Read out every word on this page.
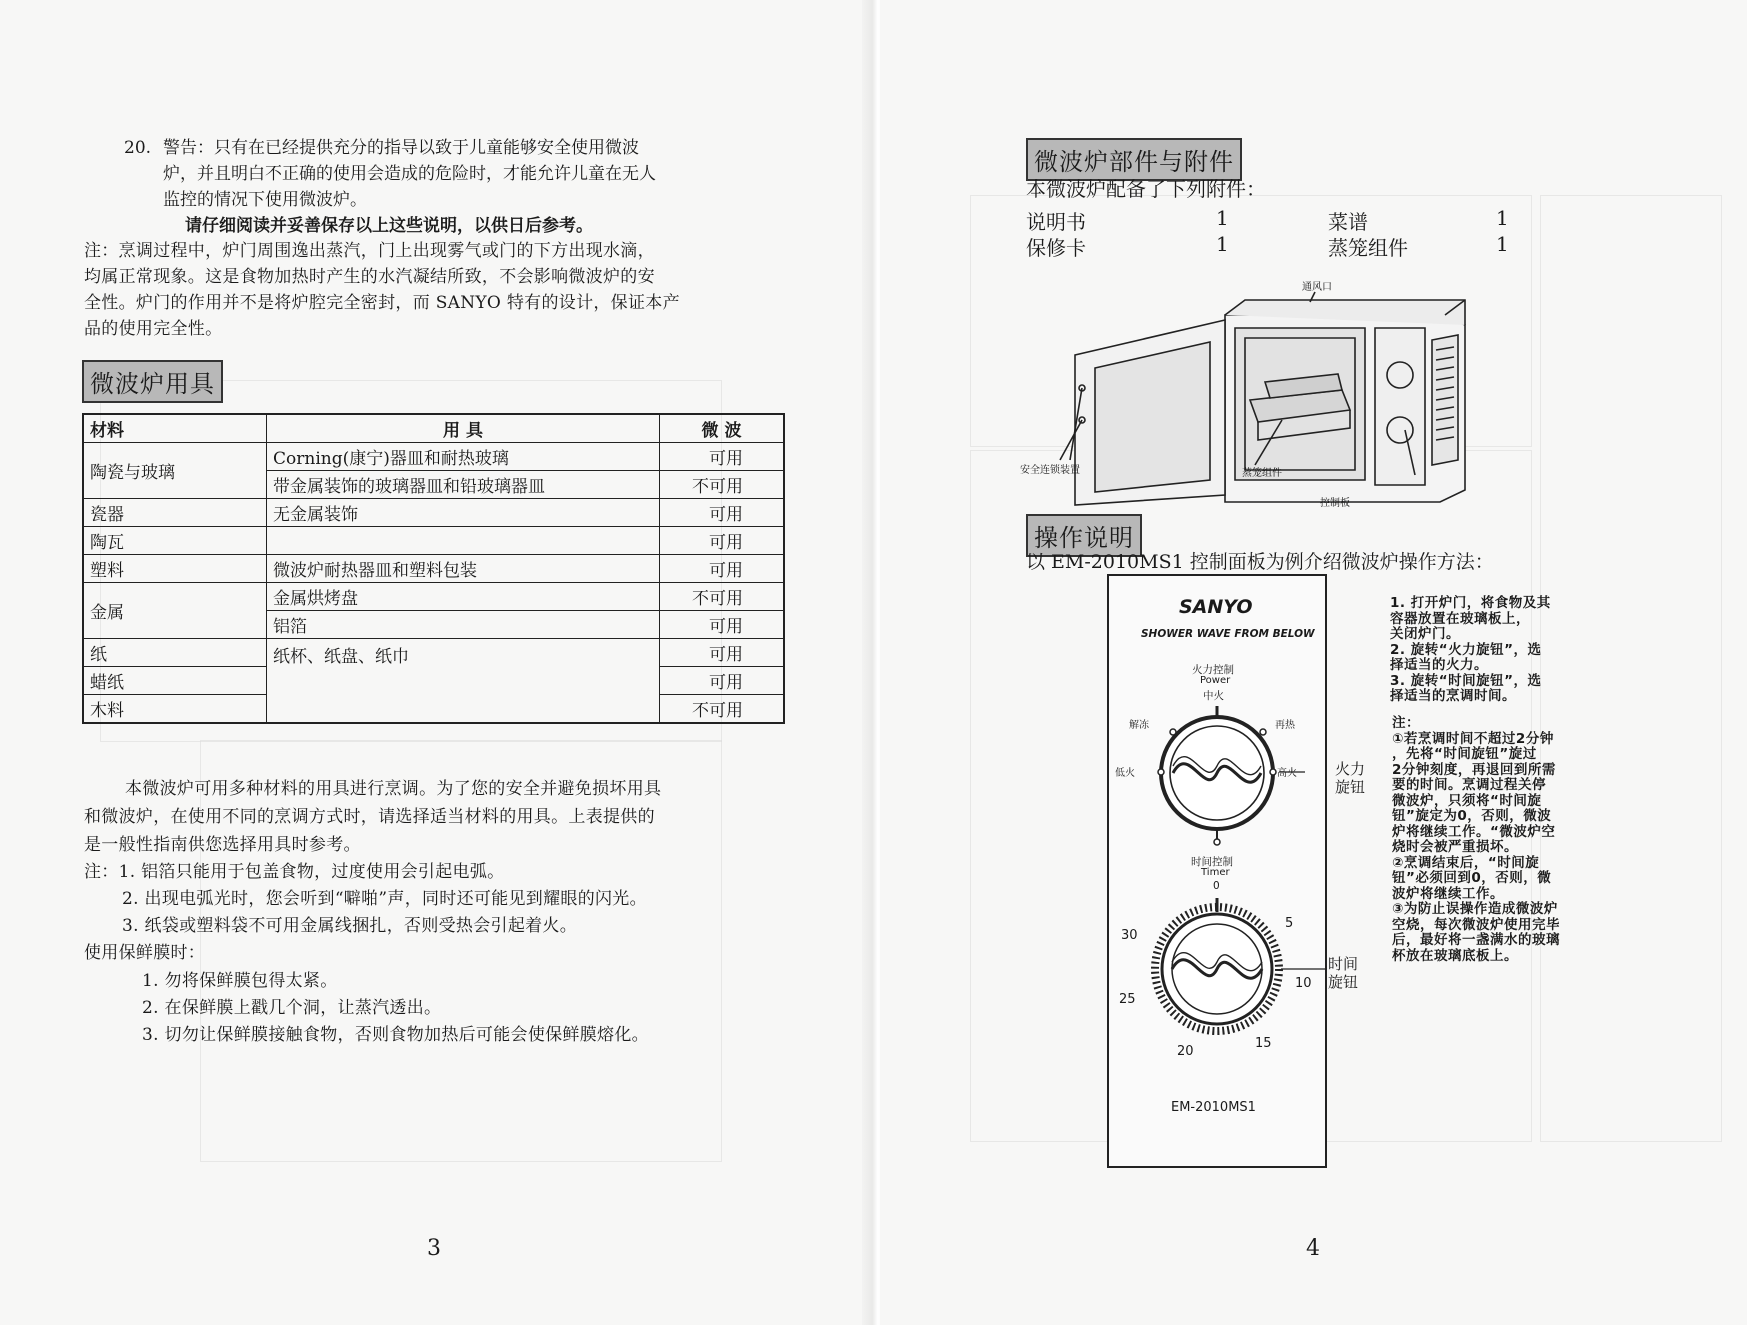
20. 警告：只有在已经提供充分的指导以致于儿童能够安全使用微波
炉，并且明白不正确的使用会造成的危险时，才能允许儿童在无人
监控的情况下使用微波炉。
请仔细阅读并妥善保存以上这些说明，以供日后参考。
注：烹调过程中，炉门周围逸出蒸汽，门上出现雾气或门的下方出现水滴，
均属正常现象。这是食物加热时产生的水汽凝结所致，不会影响微波炉的安
全性。炉门的作用并不是将炉腔完全密封，而 SANYO 特有的设计，保证本产
品的使用完全性。
微波炉用具
材料	用 具	微 波
陶瓷与玻璃	Corning(康宁)器皿和耐热玻璃	可用
	带金属装饰的玻璃器皿和铅玻璃器皿	不可用
瓷器	无金属装饰	可用
陶瓦		可用
塑料	微波炉耐热器皿和塑料包装	可用
金属	金属烘烤盘	不可用
	铝箔	可用
纸	纸杯、纸盘、纸巾	可用
蜡纸		可用
木料		不可用
本微波炉可用多种材料的用具进行烹调。为了您的安全并避免损坏用具
和微波炉，在使用不同的烹调方式时，请选择适当材料的用具。上表提供的
是一般性指南供您选择用具时参考。
注：1. 铝箔只能用于包盖食物，过度使用会引起电弧。
2. 出现电弧光时，您会听到“噼啪”声，同时还可能见到耀眼的闪光。
3. 纸袋或塑料袋不可用金属线捆扎，否则受热会引起着火。
使用保鲜膜时：
1. 勿将保鲜膜包得太紧。
2. 在保鲜膜上戳几个洞，让蒸汽透出。
3. 切勿让保鲜膜接触食物，否则食物加热后可能会使保鲜膜熔化。
3
微波炉部件与附件
本微波炉配备了下列附件：
说明书	1	菜谱	1
保修卡	1	蒸笼组件	1
通风口
蒸笼组件
安全连锁装置
控制板
操作说明
以 EM-2010MS1 控制面板为例介绍微波炉操作方法：
SANYO
SHOWER WAVE FROM BELOW
火力控制
Power
中火
解冻	再热
低火	高火
时间控制
Timer
0
5
10
15
20
25
30
EM-2010MS1
火力
旋钮
时间
旋钮
1. 打开炉门，将食物及其
容器放置在玻璃板上，
关闭炉门。
2. 旋转“火力旋钮”，选
择适当的火力。
3. 旋转“时间旋钮”，选
择适当的烹调时间。
注：
①若烹调时间不超过2分钟
，先将“时间旋钮”旋过
2分钟刻度，再退回到所需
要的时间。烹调过程关停
微波炉，只须将“时间旋
钮”旋定为0，否则，微波
炉将继续工作。“微波炉空
烧时会被严重损坏。
②烹调结束后，“时间旋
钮”必须回到0，否则，微
波炉将继续工作。
③为防止误操作造成微波炉
空烧，每次微波炉使用完毕
后，最好将一盏满水的玻璃
杯放在玻璃底板上。
4
